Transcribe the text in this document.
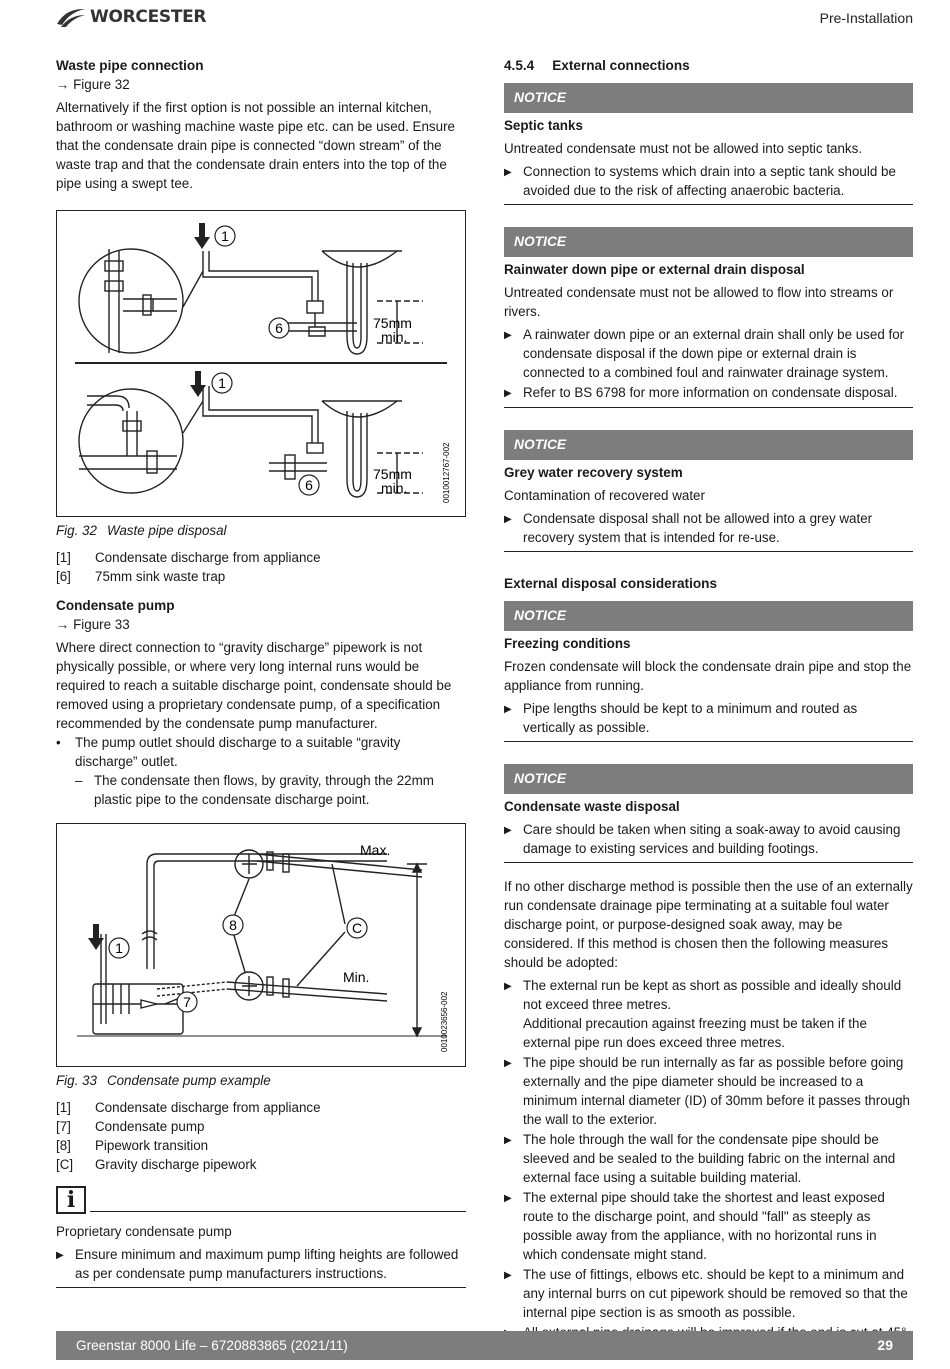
WORCESTER	Pre-Installation
Waste pipe connection

→ Figure 32

Alternatively if the first option is not possible an internal kitchen, bathroom or washing machine waste pipe etc. can be used. Ensure that the condensate drain pipe is connected “down stream” of the waste trap and that the condensate drain enters into the top of the pipe using a swept tee.

1
1
6
6
75mm
min.
75mm
min.	0010012767-002

Fig. 32 Waste pipe disposal

[1]	Condensate discharge from appliance
[6]	75mm sink waste trap
Condensate pump

→ Figure 33

Where direct connection to “gravity discharge” pipework is not physically possible, or where very long internal runs would be required to reach a suitable discharge point, condensate should be removed using a proprietary condensate pump, of a specification recommended by the condensate pump manufacturer.

•	The pump outlet should discharge to a suitable “gravity discharge” outlet.
– The condensate then flows, by gravity, through the 22mm plastic pipe to the condensate discharge point.
1
7
8	C
Max.
Min.
0010023656-002

Fig. 33 Condensate pump example

[1]	Condensate discharge from appliance
[7]	Condensate pump
[8]	Pipework transition
[C]	Gravity discharge pipework
i

Proprietary condensate pump

▶ Ensure minimum and maximum pump lifting heights are followed as per condensate pump manufacturers instructions.
4.5.4 External connections
NOTICE

Septic tanks

Untreated condensate must not be allowed into septic tanks.

▶ Connection to systems which drain into a septic tank should be avoided due to the risk of affecting anaerobic bacteria.
NOTICE

Rainwater down pipe or external drain disposal

Untreated condensate must not be allowed to flow into streams or rivers.

▶ A rainwater down pipe or an external drain shall only be used for condensate disposal if the down pipe or external drain is connected to a combined foul and rainwater drainage system.
▶ Refer to BS 6798 for more information on condensate disposal.
NOTICE

Grey water recovery system

Contamination of recovered water

▶ Condensate disposal shall not be allowed into a grey water recovery system that is intended for re-use.
External disposal considerations
NOTICE

Freezing conditions

Frozen condensate will block the condensate drain pipe and stop the appliance from running.

▶ Pipe lengths should be kept to a minimum and routed as vertically as possible.
NOTICE

Condensate waste disposal

▶ Care should be taken when siting a soak-away to avoid causing damage to existing services and building footings.

If no other discharge method is possible then the use of an externally run condensate drainage pipe terminating at a suitable foul water discharge point, or purpose-designed soak away, may be considered. If this method is chosen then the following measures should be adopted:

▶ The external run be kept as short as possible and ideally should not exceed three metres.
Additional precaution against freezing must be taken if the external pipe run does exceed three metres.
▶ The pipe should be run internally as far as possible before going externally and the pipe diameter should be increased to a minimum internal diameter (ID) of 30mm before it passes through the wall to the exterior.
▶ The hole through the wall for the condensate pipe should be sleeved and be sealed to the building fabric on the internal and external face using a suitable building material.
▶ The external pipe should take the shortest and least exposed route to the discharge point, and should "fall" as steeply as possible away from the appliance, with no horizontal runs in which condensate might stand.
▶ The use of fittings, elbows etc. should be kept to a minimum and any internal burrs on cut pipework should be removed so that the internal pipe section is as smooth as possible.
Greenstar 8000 Life – 6720883865 (2021/11)	29
